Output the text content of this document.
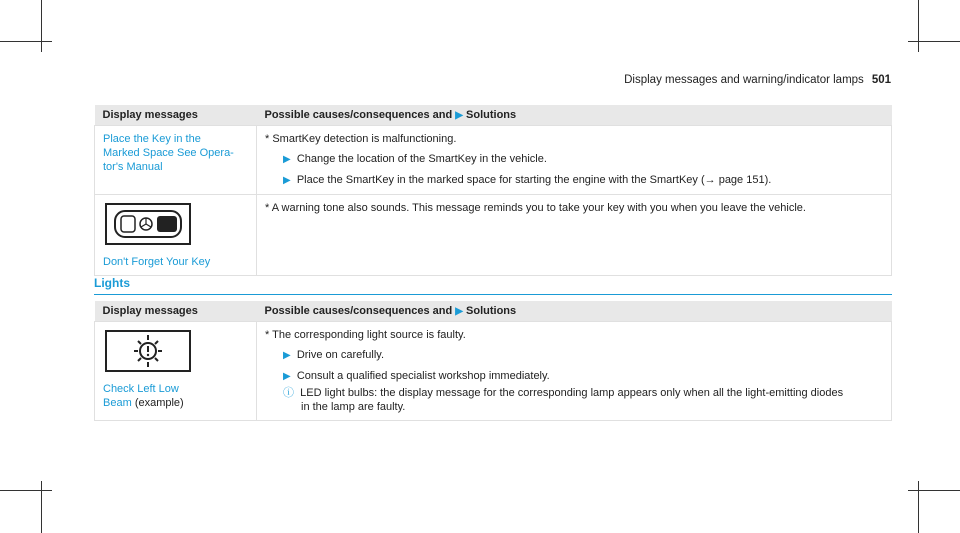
Display messages and warning/indicator lamps 501
Display messages	Possible causes/consequences and ▶ Solutions

Place the Key in the
Marked Space See Opera-
tor's Manual	* SmartKey detection is malfunctioning.
▶ Change the location of the SmartKey in the vehicle.
▶ Place the SmartKey in the marked space for starting the engine with the SmartKey (→ page 151).

Don't Forget Your Key	* A warning tone also sounds. This message reminds you to take your key with you when you leave the vehicle.
Lights
Display messages	Possible causes/consequences and ▶ Solutions

Check Left Low
Beam (example)	* The corresponding light source is faulty.
▶ Drive on carefully.
▶ Consult a qualified specialist workshop immediately.
ⓘ LED light bulbs: the display message for the corresponding lamp appears only when all the light-emitting diodes
in the lamp are faulty.
